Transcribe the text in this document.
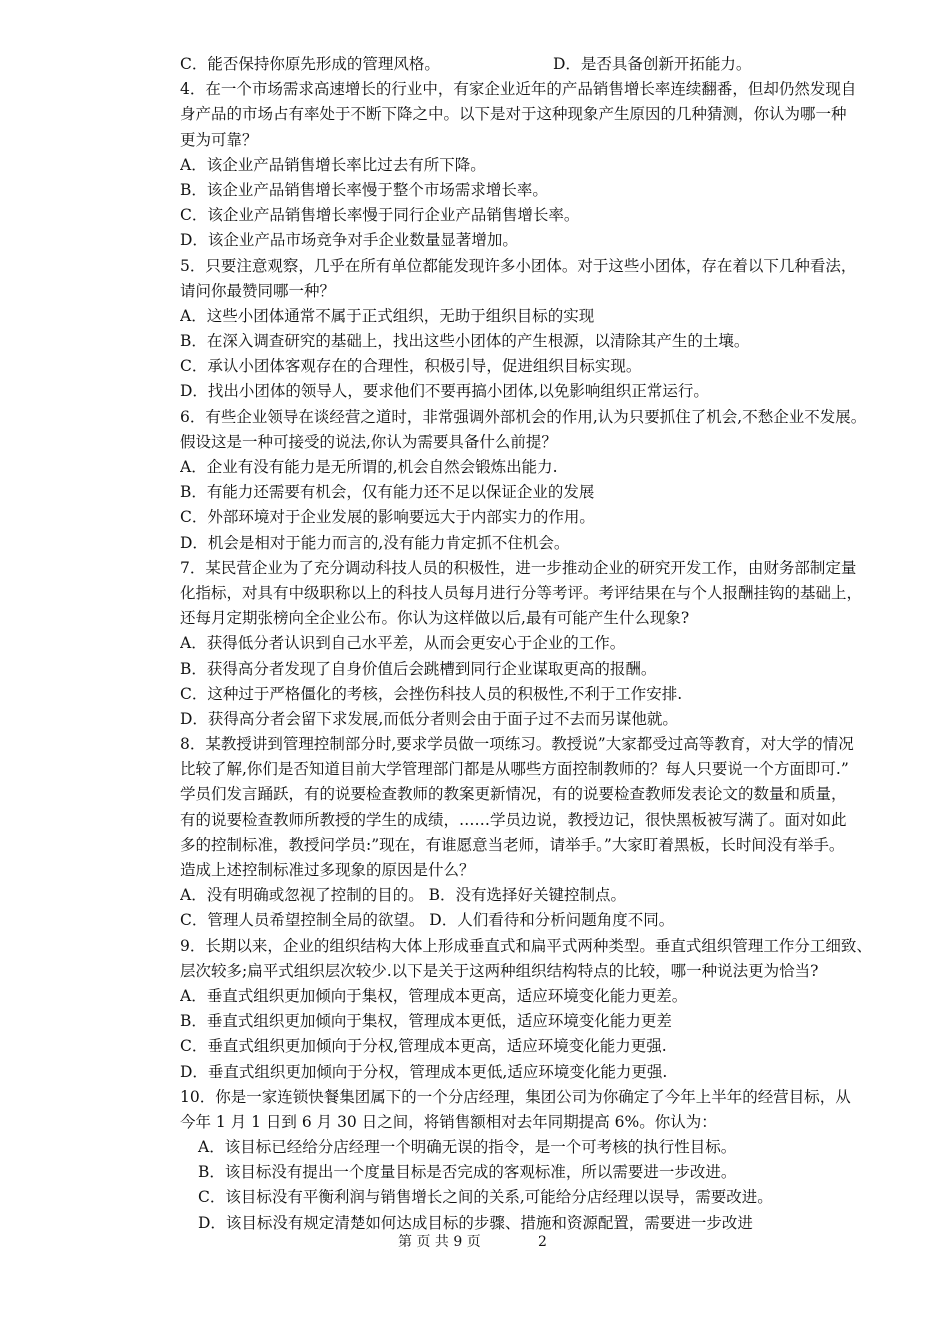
C．能否保持你原先形成的管理风格。	D．是否具备创新开拓能力。
4．在一个市场需求高速增长的行业中，有家企业近年的产品销售增长率连续翻番，但却仍然发现自
身产品的市场占有率处于不断下降之中。以下是对于这种现象产生原因的几种猜测，你认为哪一种
更为可靠？
A．该企业产品销售增长率比过去有所下降。
B．该企业产品销售增长率慢于整个市场需求增长率。
C．该企业产品销售增长率慢于同行企业产品销售增长率。
D．该企业产品市场竞争对手企业数量显著增加。
5．只要注意观察，几乎在所有单位都能发现许多小团体。对于这些小团体，存在着以下几种看法，
请问你最赞同哪一种？
A．这些小团体通常不属于正式组织，无助于组织目标的实现
B．在深入调查研究的基础上，找出这些小团体的产生根源，以清除其产生的土壤。
C．承认小团体客观存在的合理性，积极引导，促进组织目标实现。
D．找出小团体的领导人，要求他们不要再搞小团体,以免影响组织正常运行。
6．有些企业领导在谈经营之道时，非常强调外部机会的作用,认为只要抓住了机会,不愁企业不发展。
假设这是一种可接受的说法,你认为需要具备什么前提？
A．企业有没有能力是无所谓的,机会自然会锻炼出能力.
B．有能力还需要有机会，仅有能力还不足以保证企业的发展
C．外部环境对于企业发展的影响要远大于内部实力的作用。
D．机会是相对于能力而言的,没有能力肯定抓不住机会。
7．某民营企业为了充分调动科技人员的积极性，进一步推动企业的研究开发工作，由财务部制定量
化指标，对具有中级职称以上的科技人员每月进行分等考评。考评结果在与个人报酬挂钩的基础上，
还每月定期张榜向全企业公布。你认为这样做以后,最有可能产生什么现象?
A．获得低分者认识到自己水平差，从而会更安心于企业的工作。
B．获得高分者发现了自身价值后会跳槽到同行企业谋取更高的报酬。
C．这种过于严格僵化的考核，会挫伤科技人员的积极性,不利于工作安排.
D．获得高分者会留下求发展,而低分者则会由于面子过不去而另谋他就。
8．某教授讲到管理控制部分时,要求学员做一项练习。教授说”大家都受过高等教育，对大学的情况
比较了解,你们是否知道目前大学管理部门都是从哪些方面控制教师的？每人只要说一个方面即可.”
学员们发言踊跃，有的说要检查教师的教案更新情况，有的说要检查教师发表论文的数量和质量，
有的说要检查教师所教授的学生的成绩，……学员边说，教授边记，很快黑板被写满了。面对如此
多的控制标准，教授问学员:”现在，有谁愿意当老师，请举手。”大家盯着黑板，长时间没有举手。
造成上述控制标准过多现象的原因是什么？
A．没有明确或忽视了控制的目的。 B．没有选择好关键控制点。
C．管理人员希望控制全局的欲望。 D．人们看待和分析问题角度不同。
9．长期以来，企业的组织结构大体上形成垂直式和扁平式两种类型。垂直式组织管理工作分工细致、
层次较多;扁平式组织层次较少.以下是关于这两种组织结构特点的比较，哪一种说法更为恰当?
A．垂直式组织更加倾向于集权，管理成本更高，适应环境变化能力更差。
B．垂直式组织更加倾向于集权，管理成本更低，适应环境变化能力更差
C．垂直式组织更加倾向于分权,管理成本更高，适应环境变化能力更强.
D．垂直式组织更加倾向于分权，管理成本更低,适应环境变化能力更强.
10．你是一家连锁快餐集团属下的一个分店经理，集团公司为你确定了今年上半年的经营目标，从
今年 1 月 1 日到 6 月 30 日之间，将销售额相对去年同期提高 6%。你认为：
A．该目标已经给分店经理一个明确无误的指令，是一个可考核的执行性目标。
B．该目标没有提出一个度量目标是否完成的客观标准，所以需要进一步改进。
C．该目标没有平衡利润与销售增长之间的关系,可能给分店经理以误导，需要改进。
D．该目标没有规定清楚如何达成目标的步骤、措施和资源配置，需要进一步改进
第 页 共 9 页	2
